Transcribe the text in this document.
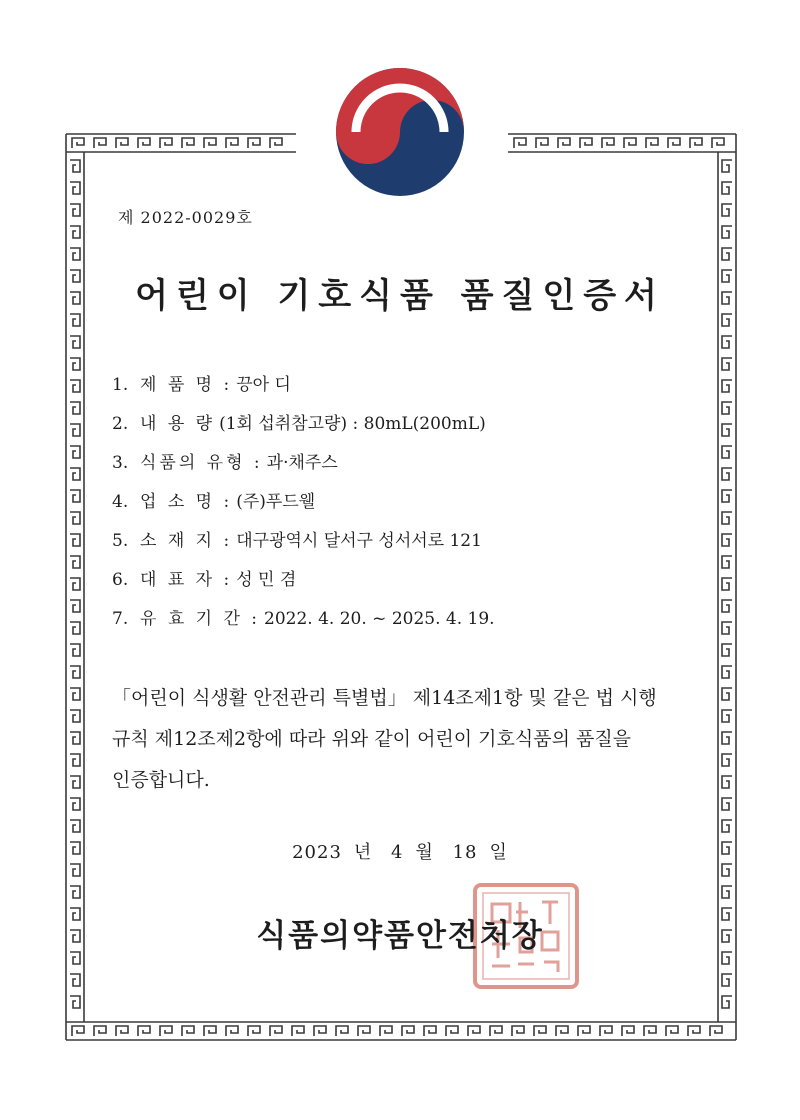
제 2022-0029호
어린이 기호식품 품질인증서
1. 제 품 명 : 끙아 디
2. 내 용 량 (1회 섭취참고량) : 80mL(200mL)
3. 식품의 유형 : 과·채주스
4. 업 소 명 : (주)푸드웰
5. 소 재 지 : 대구광역시 달서구 성서서로 121
6. 대 표 자 : 성 민 겸
7. 유 효 기 간 : 2022. 4. 20. ~ 2025. 4. 19.

「어린이 식생활 안전관리 특별법」 제14조제1항 및 같은 법 시행

규칙 제12조제2항에 따라 위와 같이 어린이 기호식품의 품질을

인증합니다.

2023 년 4 월 18 일
식품의약품안전처장
